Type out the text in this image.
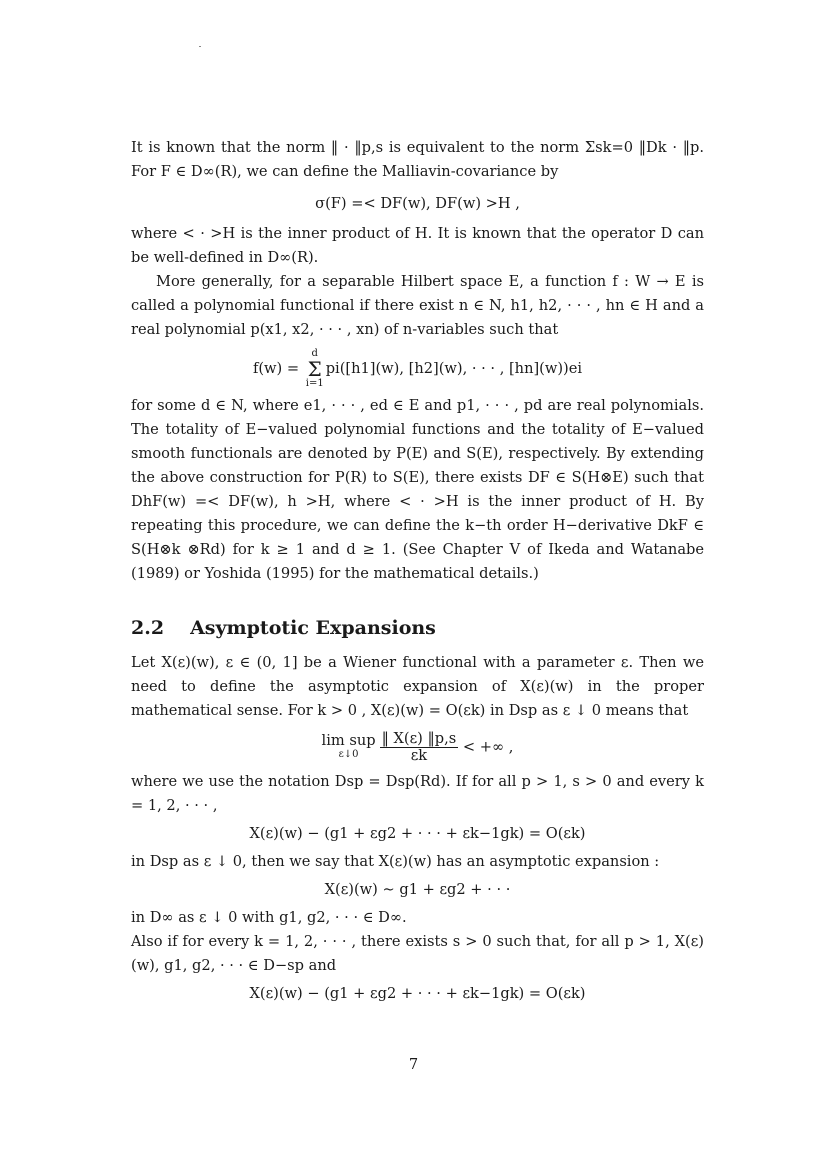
It is known that the norm ‖ · ‖p,s is equivalent to the norm Σsk=0 ‖Dk · ‖p. For F ∈ D∞(R), we can define the Malliavin-covariance by

σ(F) =< DF(w), DF(w) >H ,

where < · >H is the inner product of H. It is known that the operator D can be well-defined in D∞(R).

More generally, for a separable Hilbert space E, a function f : W → E is called a polynomial functional if there exist n ∈ N, h1, h2, · · · , hn ∈ H and a real polynomial p(x1, x2, · · · , xn) of n-variables such that

f(w) =
d
Σ
i=1
pi([h1](w), [h2](w), · · · , [hn](w))ei

for some d ∈ N, where e1, · · · , ed ∈ E and p1, · · · , pd are real polynomials. The totality of E−valued polynomial functions and the totality of E−valued smooth functionals are denoted by P(E) and S(E), respectively. By extending the above construction for P(R) to S(E), there exists DF ∈ S(H⊗E) such that DhF(w) =< DF(w), h >H, where < · >H is the inner product of H. By repeating this procedure, we can define the k−th order H−derivative DkF ∈ S(H⊗k ⊗Rd) for k ≥ 1 and d ≥ 1. (See Chapter V of Ikeda and Watanabe (1989) or Yoshida (1995) for the mathematical details.)

2.2 Asymptotic Expansions

Let X(ε)(w), ε ∈ (0, 1] be a Wiener functional with a parameter ε. Then we need to define the asymptotic expansion of X(ε)(w) in the proper mathematical sense. For k > 0 , X(ε)(w) = O(εk) in Dsp as ε ↓ 0 means that

lim sup
ε↓0	$\frac{‖ X(\varepsilon) ‖p,s}{\varepsilon k}$ < +∞ ,

where we use the notation Dsp = Dsp(Rd). If for all p > 1, s > 0 and every k = 1, 2, · · · ,

X(ε)(w) − (g1 + εg2 + · · · + εk−1gk) = O(εk)

in Dsp as ε ↓ 0, then we say that X(ε)(w) has an asymptotic expansion :

X(ε)(w) ∼ g1 + εg2 + · · ·

in D∞ as ε ↓ 0 with g1, g2, · · · ∈ D∞.

Also if for every k = 1, 2, · · · , there exists s > 0 such that, for all p > 1, X(ε)(w), g1, g2, · · · ∈ D−sp and

X(ε)(w) − (g1 + εg2 + · · · + εk−1gk) = O(εk)

7
